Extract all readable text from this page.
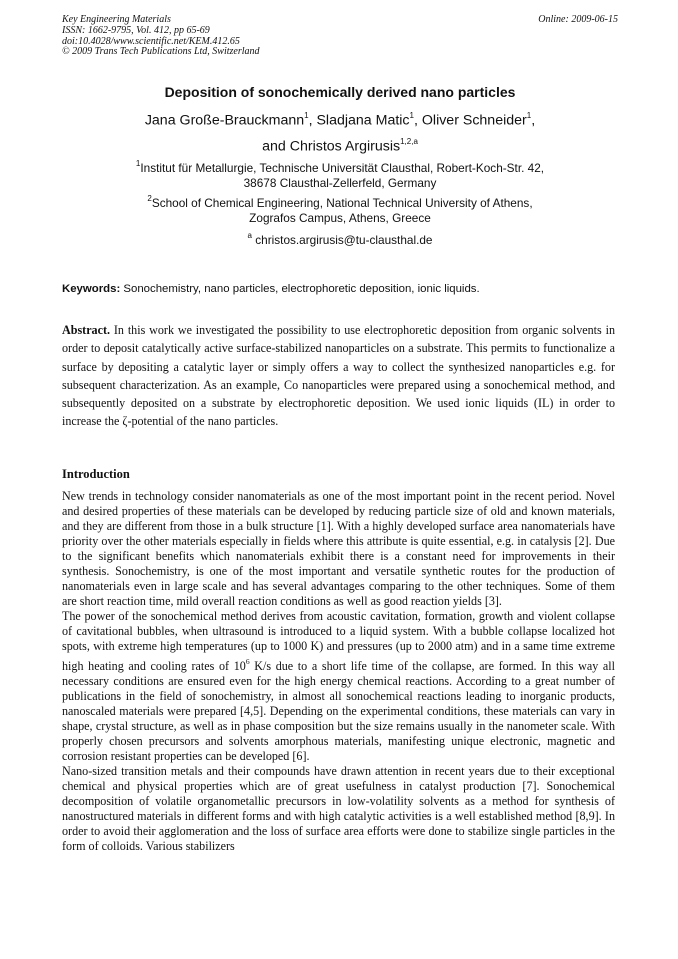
Key Engineering Materials
ISSN: 1662-9795, Vol. 412, pp 65-69
doi:10.4028/www.scientific.net/KEM.412.65
© 2009 Trans Tech Publications Ltd, Switzerland
Online: 2009-06-15
Deposition of sonochemically derived nano particles
Jana Große-Brauckmann$^1$, Sladjana Matic$^1$, Oliver Schneider$^1$,
and Christos Argirusis$^{1,2,a}$
$^1$Institut für Metallurgie, Technische Universität Clausthal, Robert-Koch-Str. 42,
38678 Clausthal-Zellerfeld, Germany
$^2$School of Chemical Engineering, National Technical University of Athens,
Zografos Campus, Athens, Greece
$^a$ christos.argirusis@tu-clausthal.de
Keywords: Sonochemistry, nano particles, electrophoretic deposition, ionic liquids.
Abstract. In this work we investigated the possibility to use electrophoretic deposition from organic solvents in order to deposit catalytically active surface-stabilized nanoparticles on a substrate. This permits to functionalize a surface by depositing a catalytic layer or simply offers a way to collect the synthesized nanoparticles e.g. for subsequent characterization. As an example, Co nanoparticles were prepared using a sonochemical method, and subsequently deposited on a substrate by electrophoretic deposition. We used ionic liquids (IL) in order to increase the ζ-potential of the nano particles.
Introduction

New trends in technology consider nanomaterials as one of the most important point in the recent period. Novel and desired properties of these materials can be developed by reducing particle size of old and known materials, and they are different from those in a bulk structure [1]. With a highly developed surface area nanomaterials have priority over the other materials especially in fields where this attribute is quite essential, e.g. in catalysis [2]. Due to the significant benefits which nanomaterials exhibit there is a constant need for improvements in their synthesis. Sonochemistry, is one of the most important and versatile synthetic routes for the production of nanomaterials even in large scale and has several advantages comparing to the other techniques. Some of them are short reaction time, mild overall reaction conditions as well as good reaction yields [3].

The power of the sonochemical method derives from acoustic cavitation, formation, growth and violent collapse of cavitational bubbles, when ultrasound is introduced to a liquid system. With a bubble collapse localized hot spots, with extreme high temperatures (up to 1000 K) and pressures (up to 2000 atm) and in a same time extreme high heating and cooling rates of $10^6$ K/s due to a short life time of the collapse, are formed. In this way all necessary conditions are ensured even for the high energy chemical reactions. According to a great number of publications in the field of sonochemistry, in almost all sonochemical reactions leading to inorganic products, nanoscaled materials were prepared [4,5]. Depending on the experimental conditions, these materials can vary in shape, crystal structure, as well as in phase composition but the size remains usually in the nanometer scale. With properly chosen precursors and solvents amorphous materials, manifesting unique electronic, magnetic and corrosion resistant properties can be developed [6].

Nano-sized transition metals and their compounds have drawn attention in recent years due to their exceptional chemical and physical properties which are of great usefulness in catalyst production [7]. Sonochemical decomposition of volatile organometallic precursors in low-volatility solvents as a method for synthesis of nanostructured materials in different forms and with high catalytic activities is a well established method [8,9]. In order to avoid their agglomeration and the loss of surface area efforts were done to stabilize single particles in the form of colloids. Various stabilizers
